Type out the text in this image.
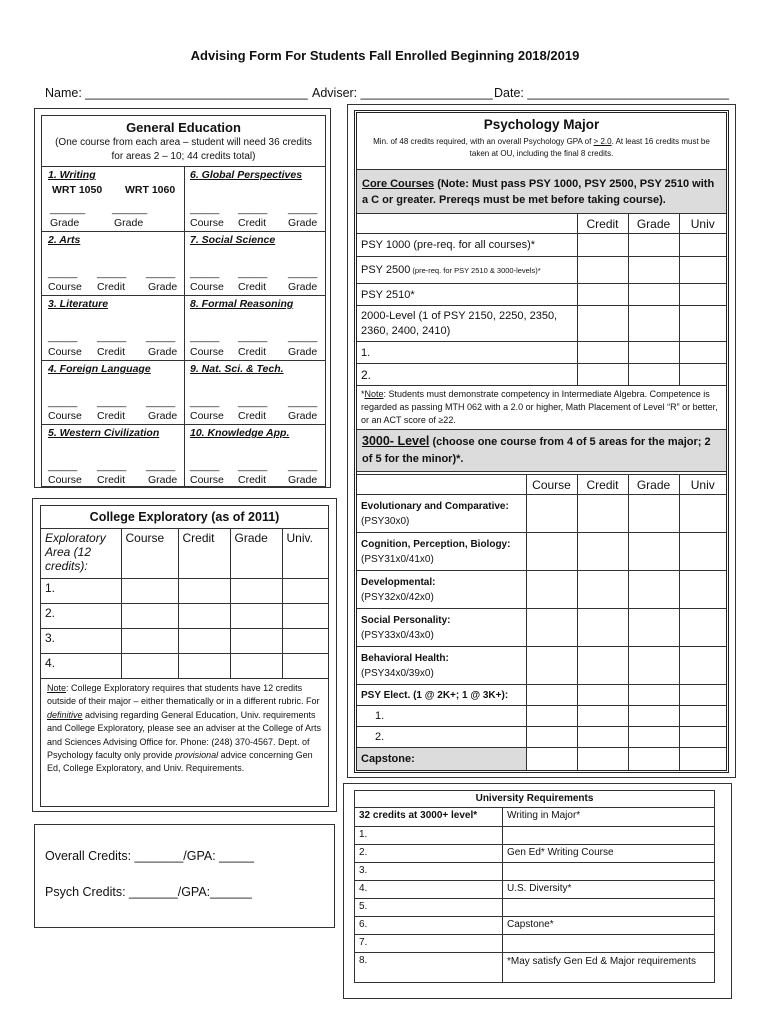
Advising Form For Students Fall Enrolled Beginning 2018/2019
Name: ________________________________ Adviser: ___________________ Date: _____________________________
General Education
(One course from each area – student will need 36 credits
for areas 2 – 10; 44 credits total)
1. Writing
WRT 1050 WRT 1060
______	______
Grade	Grade
6. Global Perspectives
_____ _____ _____
Course Credit Grade
2. Arts
_____ _____ _____
Course Credit Grade
7. Social Science
_____ _____ _____
Course Credit Grade
3. Literature
_____ _____ _____
Course Credit Grade
8. Formal Reasoning
_____ _____ _____
Course Credit Grade
4. Foreign Language
_____ _____ _____
Course Credit Grade
9. Nat. Sci. & Tech.
_____ _____ _____
Course Credit Grade
5. Western Civilization
_____ _____ _____
Course Credit Grade
10. Knowledge App.
_____ _____ _____
Course Credit Grade
College Exploratory (as of 2011)				
Exploratory Area (12 credits):	Course	Credit	Grade	Univ.
1.				
2.				
3.				
4.				
Note: College Exploratory requires that students have 12 credits outside of their major – either thematically or in a different rubric. For definitive advising regarding General Education, Univ. requirements and College Exploratory, please see an adviser at the College of Arts and Sciences Advising Office for. Phone: (248) 370-4567. Dept. of Psychology faculty only provide provisional advice concerning Gen Ed, College Exploratory, and Univ. Requirements.
Overall Credits: _______/GPA: _____
Psych Credits: _______/GPA:______
Psychology Major
Min. of 48 credits required, with an overall Psychology GPA of > 2.0. At least 16 credits must be taken at OU, including the final 8 credits.
Core Courses (Note: Must pass PSY 1000, PSY 2500, PSY 2510 with a C or greater. Prereqs must be met before taking course).			
	Credit	Grade	Univ
PSY 1000 (pre-req. for all courses)*			
PSY 2500 (pre-req. for PSY 2510 & 3000-levels)*			
PSY 2510*			
2000-Level (1 of PSY 2150, 2250, 2350, 2360, 2400, 2410)			
1.			
2.			
*Note: Students must demonstrate competency in Intermediate Algebra. Competence is regarded as passing MTH 062 with a 2.0 or higher, Math Placement of Level “R” or better, or an ACT score of ≥22.			
3000- Level (choose one course from 4 of 5 areas for the major; 2 of 5 for the minor)*.			
	Course	Credit	Grade	Univ
Evolutionary and Comparative: (PSY30x0)				
Cognition, Perception, Biology: (PSY31x0/41x0)				
Developmental:
(PSY32x0/42x0)				
Social Personality:
(PSY33x0/43x0)				
Behavioral Health:
(PSY34x0/39x0)				
PSY Elect. (1 @ 2K+; 1 @ 3K+):				
1.				
2.				
Capstone:				
University Requirements	
32 credits at 3000+ level*	Writing in Major*
1.	
2.	Gen Ed* Writing Course
3.	
4.	U.S. Diversity*
5.	
6.	Capstone*
7.	
8.	*May satisfy Gen Ed & Major requirements
